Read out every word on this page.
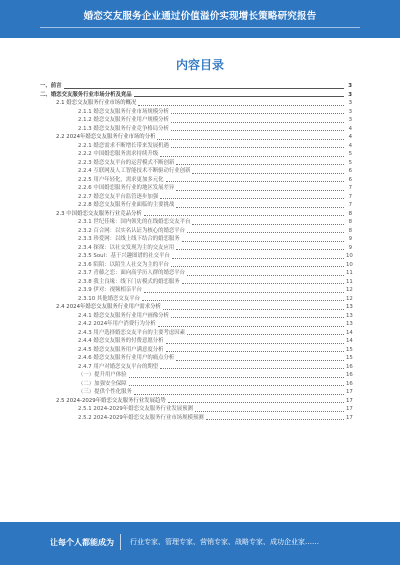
婚恋交友服务企业通过价值溢价实现增长策略研究报告
内容目录
一、前言	3
二、婚恋交友服务行业市场分析及竞品	3
2.1 婚恋交友服务行业市场的概况	3
2.1.1 婚恋交友服务行业市场规模分析	3
2.1.2 婚恋交友服务行业用户规模分析	3
2.1.3 婚恋交友服务行业竞争格局分析	4
2.2 2024年婚恋交友服务行业市场的分析	4
2.2.1 婚恋需求不断增长带来发展机遇	4
2.2.2 中国婚恋服务需求持续升级	5
2.2.3 婚恋交友平台的运营模式不断创新	5
2.2.4 互联网及人工智能技术不断驱动行业创新	6
2.2.5 用户年轻化，需求更加多元化	6
2.2.6 中国婚恋服务行业的地区发展差异	7
2.2.7 婚恋交友平台监管逐步加强	7
2.2.8 婚恋交友服务行业面临的主要挑战	7
2.3 中国婚恋交友服务行业竞品分析	8
2.3.1 世纪佳缘：国内领先的在线婚恋交友平台	8
2.3.2 百合网：以实名认证为核心的婚恋平台	8
2.3.3 珍爱网：以线上线下结合的婚恋服务	9
2.3.4 探探：以社交发现为主的交友应用	9
2.3.5 Soul：基于兴趣图谱的社交平台	10
2.3.6 陌陌：以陌生人社交为主的平台	10
2.3.7 青藤之恋：面向高学历人群的婚恋平台	11
2.3.8 我主良缘：线下门店模式的婚恋服务	11
2.3.9 伊对：视频相亲平台	12
2.3.10 其他婚恋交友平台	12
2.4 2024年婚恋交友服务行业用户需求分析	13
2.4.1 婚恋交友服务行业用户画像分析	13
2.4.2 2024年用户消费行为分析	13
2.4.3 用户选择婚恋交友平台的主要考虑因素	14
2.4.4 婚恋交友服务的付费意愿分析	14
2.4.5 婚恋交友服务用户满意度分析	15
2.4.6 婚恋交友服务行业用户的痛点分析	15
2.4.7 用户对婚恋交友平台的期望	16
（一）提升用户体验	16
（二）加强安全保障	16
（三）提供个性化服务	17
2.5 2024-2029年婚恋交友服务行业发展趋势	17
2.5.1 2024-2029年婚恋交友服务行业发展预测	17
2.5.2 2024-2029年婚恋交友服务行业市场规模预测	17
让每个人都能成为 行业专家、管理专家、营销专家、战略专家、成功企业家……
